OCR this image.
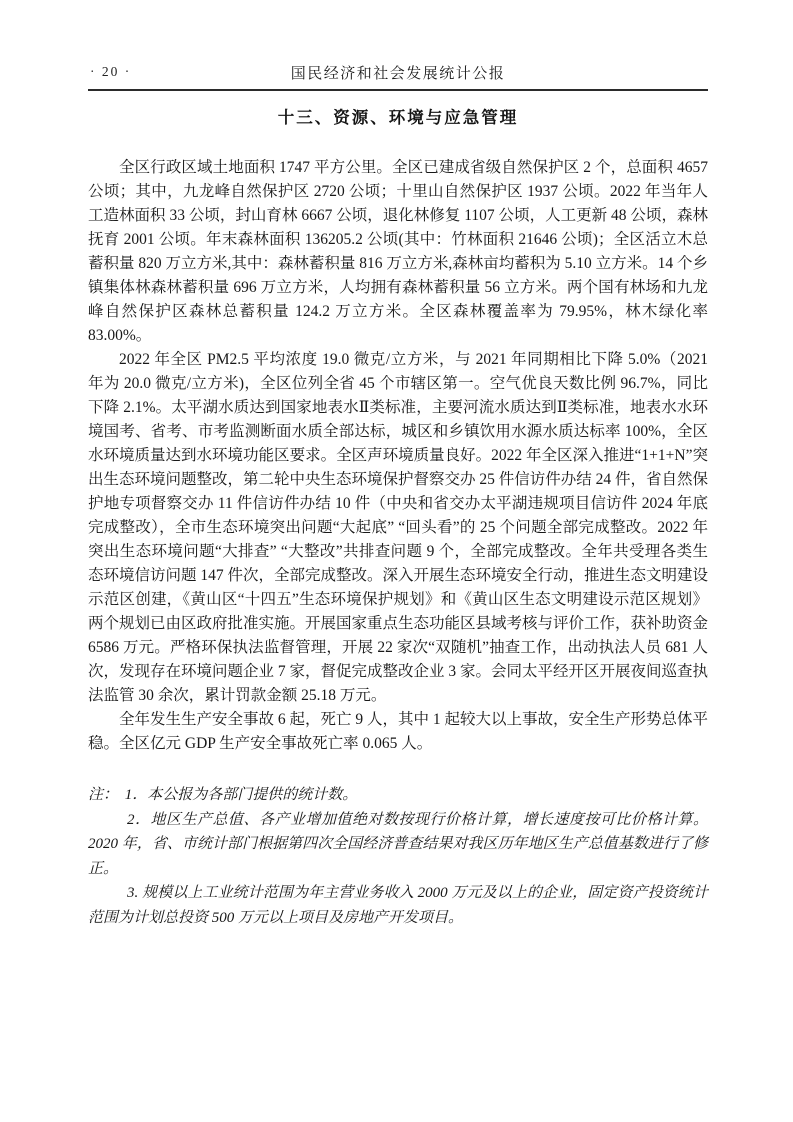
· 20 ·	国民经济和社会发展统计公报
十三、资源、环境与应急管理

全区行政区域土地面积 1747 平方公里。全区已建成省级自然保护区 2 个，总面积 4657 公顷；其中，九龙峰自然保护区 2720 公顷；十里山自然保护区 1937 公顷。2022 年当年人工造林面积 33 公顷，封山育林 6667 公顷，退化林修复 1107 公顷，人工更新 48 公顷，森林抚育 2001 公顷。年末森林面积 136205.2 公顷(其中：竹林面积 21646 公顷)；全区活立木总蓄积量 820 万立方米,其中：森林蓄积量 816 万立方米,森林亩均蓄积为 5.10 立方米。14 个乡镇集体林森林蓄积量 696 万立方米，人均拥有森林蓄积量 56 立方米。两个国有林场和九龙峰自然保护区森林总蓄积量 124.2 万立方米。全区森林覆盖率为 79.95%，林木绿化率 83.00%。

2022 年全区 PM2.5 平均浓度 19.0 微克/立方米，与 2021 年同期相比下降 5.0%（2021 年为 20.0 微克/立方米)，全区位列全省 45 个市辖区第一。空气优良天数比例 96.7%，同比下降 2.1%。太平湖水质达到国家地表水Ⅱ类标准，主要河流水质达到Ⅱ类标准，地表水水环境国考、省考、市考监测断面水质全部达标，城区和乡镇饮用水源水质达标率 100%，全区水环境质量达到水环境功能区要求。全区声环境质量良好。2022 年全区深入推进“1+1+N”突出生态环境问题整改，第二轮中央生态环境保护督察交办 25 件信访件办结 24 件，省自然保护地专项督察交办 11 件信访件办结 10 件（中央和省交办太平湖违规项目信访件 2024 年底完成整改），全市生态环境突出问题“大起底” “回头看”的 25 个问题全部完成整改。2022 年突出生态环境问题“大排查” “大整改”共排查问题 9 个，全部完成整改。全年共受理各类生态环境信访问题 147 件次，全部完成整改。深入开展生态环境安全行动，推进生态文明建设示范区创建，《黄山区“十四五”生态环境保护规划》和《黄山区生态文明建设示范区规划》两个规划已由区政府批准实施。开展国家重点生态功能区县域考核与评价工作，获补助资金 6586 万元。严格环保执法监督管理，开展 22 家次“双随机”抽查工作，出动执法人员 681 人次，发现存在环境问题企业 7 家，督促完成整改企业 3 家。会同太平经开区开展夜间巡查执法监管 30 余次，累计罚款金额 25.18 万元。

全年发生生产安全事故 6 起，死亡 9 人，其中 1 起较大以上事故，安全生产形势总体平稳。全区亿元 GDP 生产安全事故死亡率 0.065 人。

注： 1．本公报为各部门提供的统计数。

2．地区生产总值、各产业增加值绝对数按现行价格计算，增长速度按可比价格计算。2020 年，省、市统计部门根据第四次全国经济普查结果对我区历年地区生产总值基数进行了修正。

3. 规模以上工业统计范围为年主营业务收入 2000 万元及以上的企业，固定资产投资统计范围为计划总投资 500 万元以上项目及房地产开发项目。
